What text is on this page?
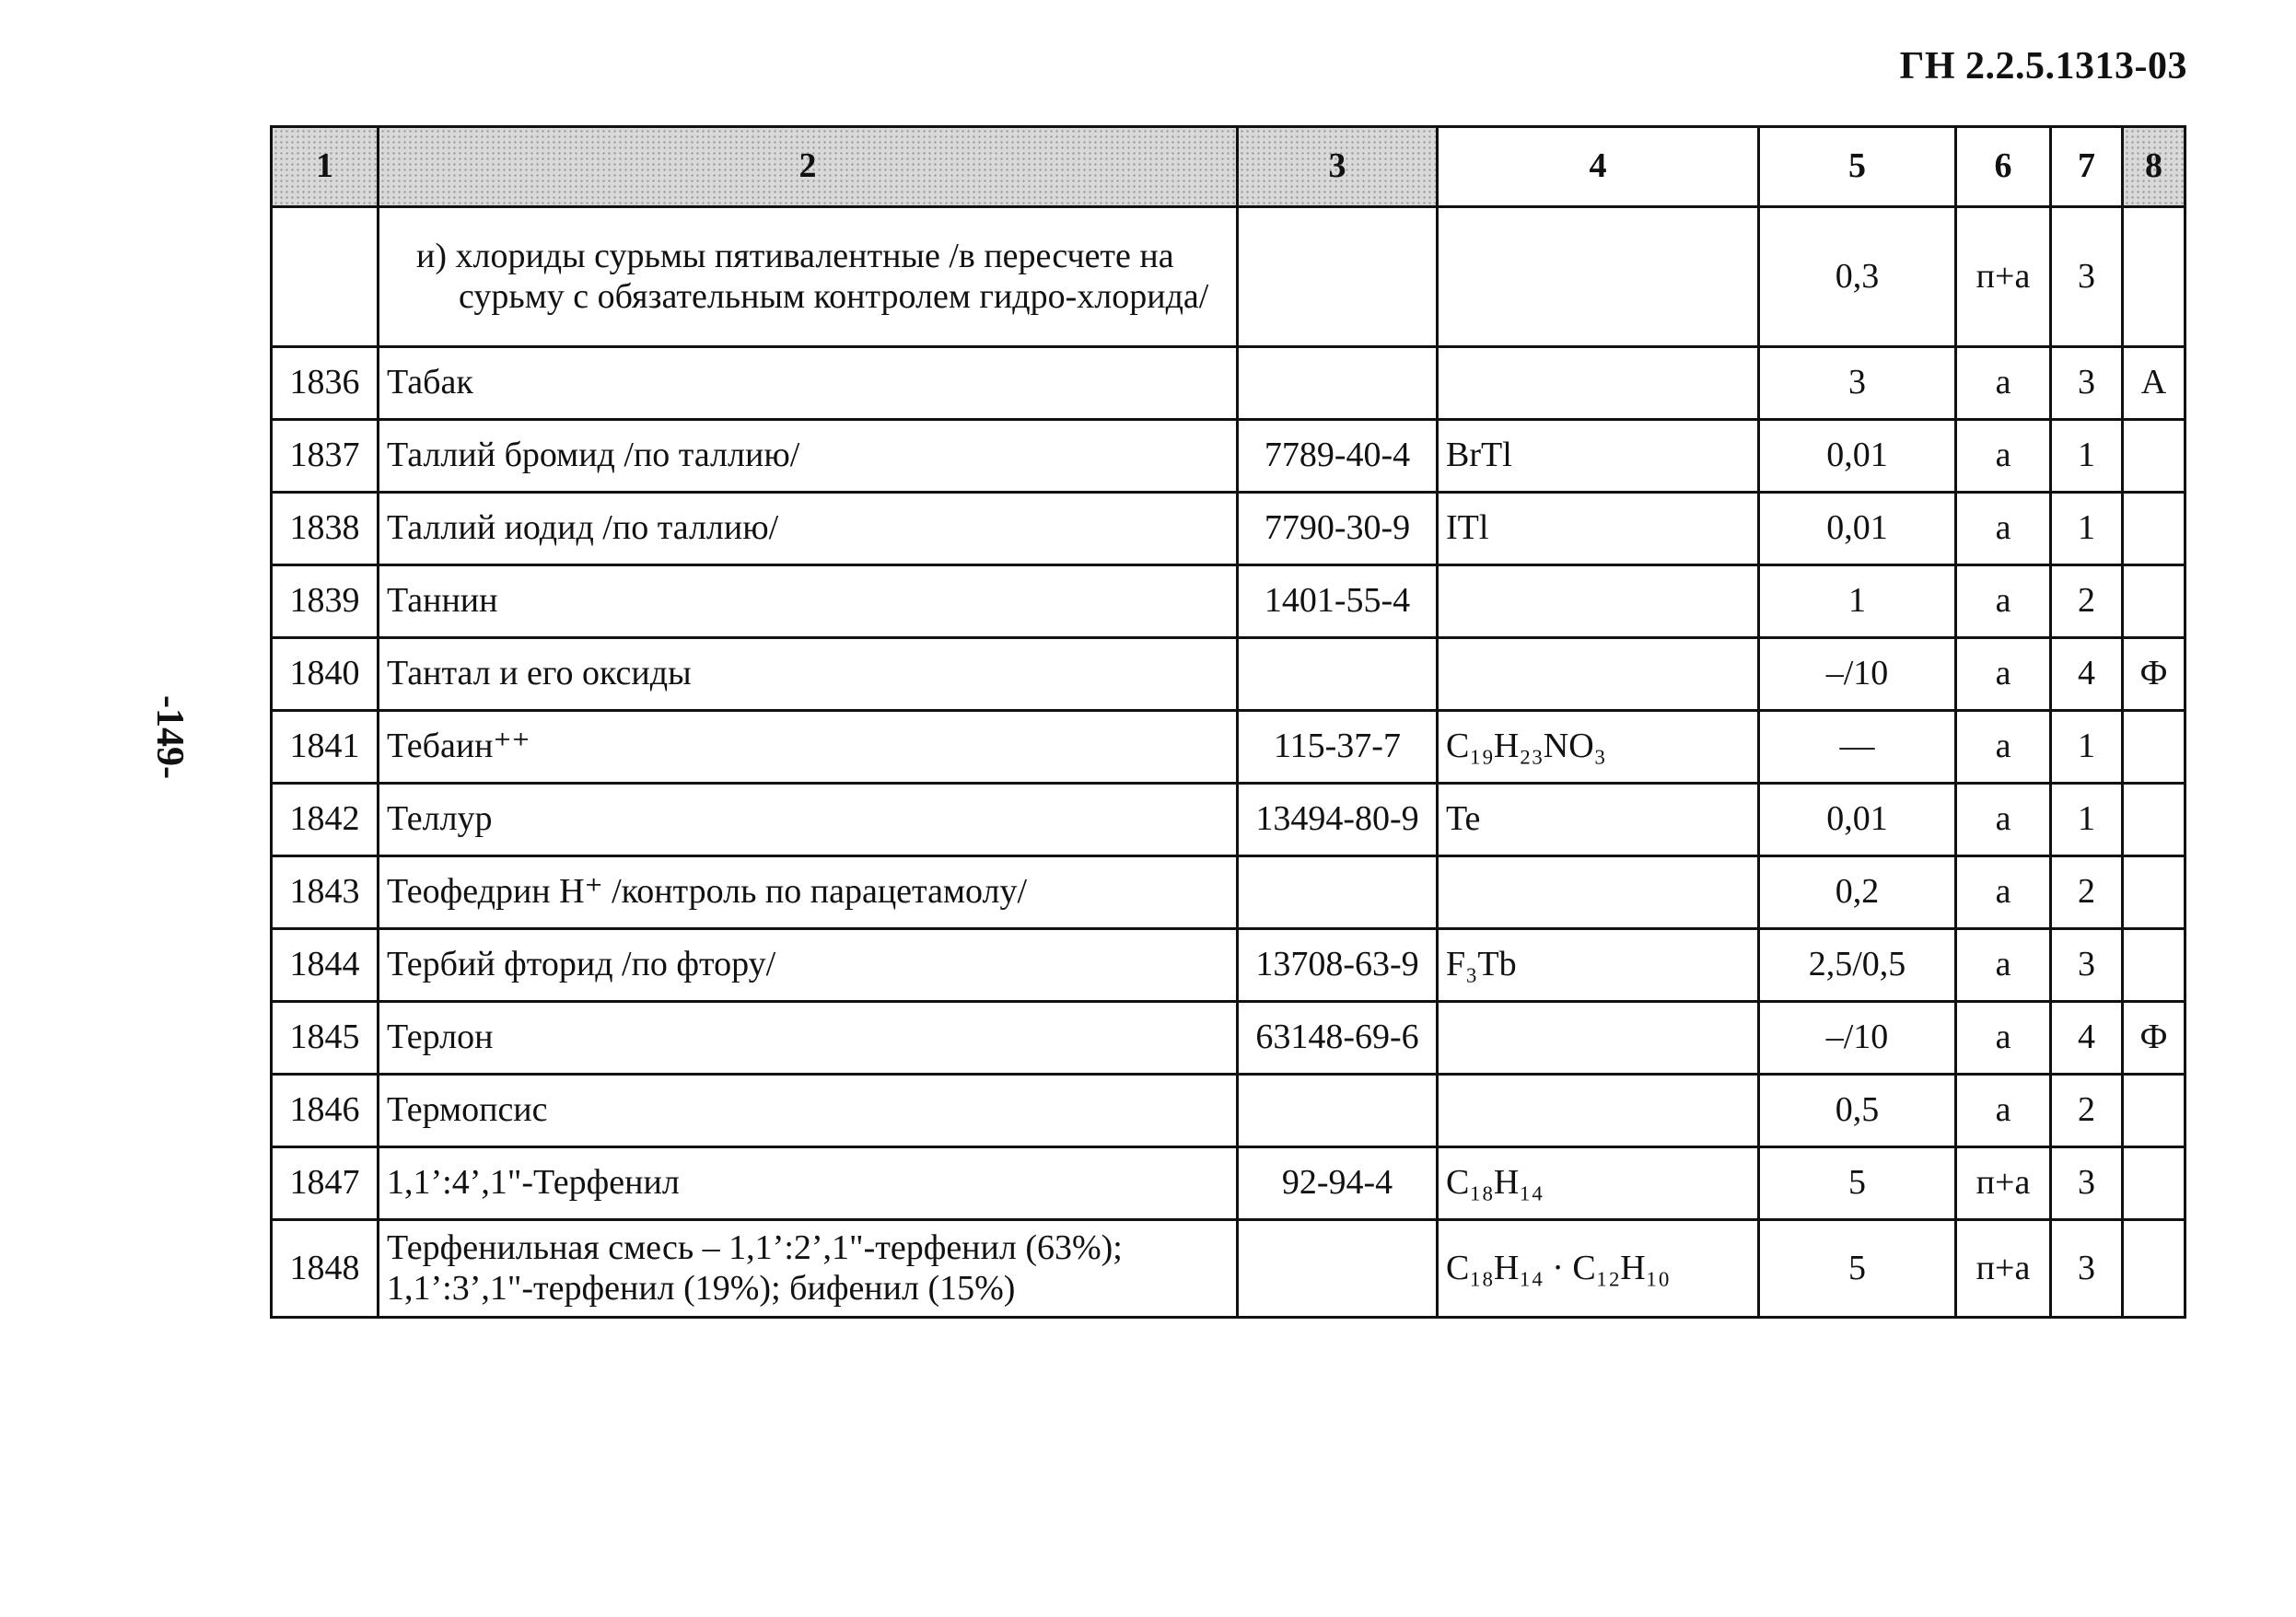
ГН 2.2.5.1313-03
-149-
1	2	3	4	5	6	7	8

	и) хлориды сурьмы пятивалентные /в пересчете на сурьму с обязательным контролем гидро-хлорида/			0,3	п+а	3	
1836	Табак			3	а	3	А
1837	Таллий бромид /по таллию/	7789-40-4	BrTl	0,01	а	1	
1838	Таллий иодид /по таллию/	7790-30-9	ITl	0,01	а	1	
1839	Таннин	1401-55-4		1	а	2	
1840	Тантал и его оксиды			–/10	а	4	Ф
1841	Тебаин⁺⁺	115-37-7	C₁₉H₂₃NO₃	—	а	1	
1842	Теллур	13494-80-9	Te	0,01	а	1	
1843	Теофедрин Н⁺ /контроль по парацетамолу/			0,2	а	2	
1844	Тербий фторид /по фтору/	13708-63-9	F₃Tb	2,5/0,5	а	3	
1845	Терлон	63148-69-6		–/10	а	4	Ф
1846	Термопсис			0,5	а	2	
1847	1,1’:4’,1"-Терфенил	92-94-4	C₁₈H₁₄	5	п+а	3	
1848	Терфенильная смесь – 1,1’:2’,1"-терфенил (63%); 1,1’:3’,1"-терфенил (19%); бифенил (15%)		C₁₈H₁₄ · C₁₂H₁₀	5	п+а	3	
